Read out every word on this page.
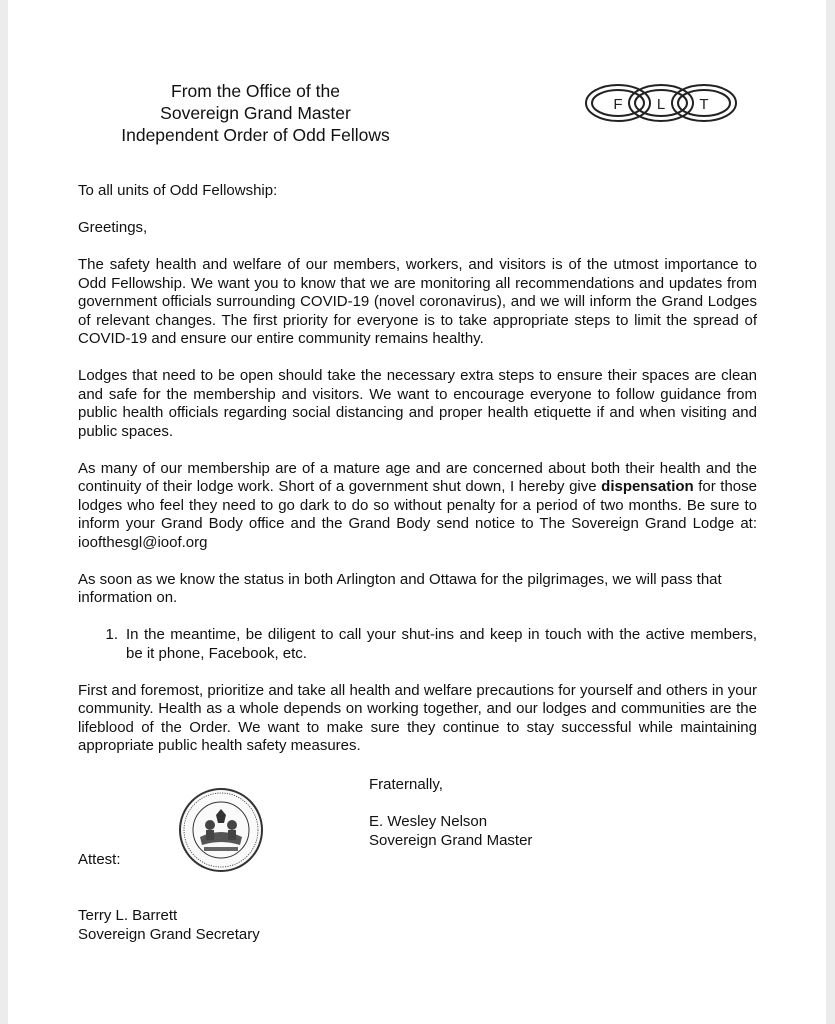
From the Office of the
Sovereign Grand Master
Independent Order of Odd Fellows
F L T

To all units of Odd Fellowship:

Greetings,

The safety health and welfare of our members, workers, and visitors is of the utmost importance to Odd Fellowship. We want you to know that we are monitoring all recommendations and updates from government officials surrounding COVID-19 (novel coronavirus), and we will inform the Grand Lodges of relevant changes. The first priority for everyone is to take appropriate steps to limit the spread of COVID-19 and ensure our entire community remains healthy.

Lodges that need to be open should take the necessary extra steps to ensure their spaces are clean and safe for the membership and visitors. We want to encourage everyone to follow guidance from public health officials regarding social distancing and proper health etiquette if and when visiting and public spaces.

As many of our membership are of a mature age and are concerned about both their health and the continuity of their lodge work. Short of a government shut down, I hereby give dispensation for those lodges who feel they need to go dark to do so without penalty for a period of two months. Be sure to inform your Grand Body office and the Grand Body send notice to The Sovereign Grand Lodge at: ioofthesgl@ioof.org

As soon as we know the status in both Arlington and Ottawa for the pilgrimages, we will pass that information on.

1. In the meantime, be diligent to call your shut-ins and keep in touch with the active members, be it phone, Facebook, etc.

First and foremost, prioritize and take all health and welfare precautions for yourself and others in your community. Health as a whole depends on working together, and our lodges and communities are the lifeblood of the Order. We want to make sure they continue to stay successful while maintaining appropriate public health safety measures.

Fraternally,
E. Wesley Nelson
Sovereign Grand Master
Attest:
Terry L. Barrett
Sovereign Grand Secretary
